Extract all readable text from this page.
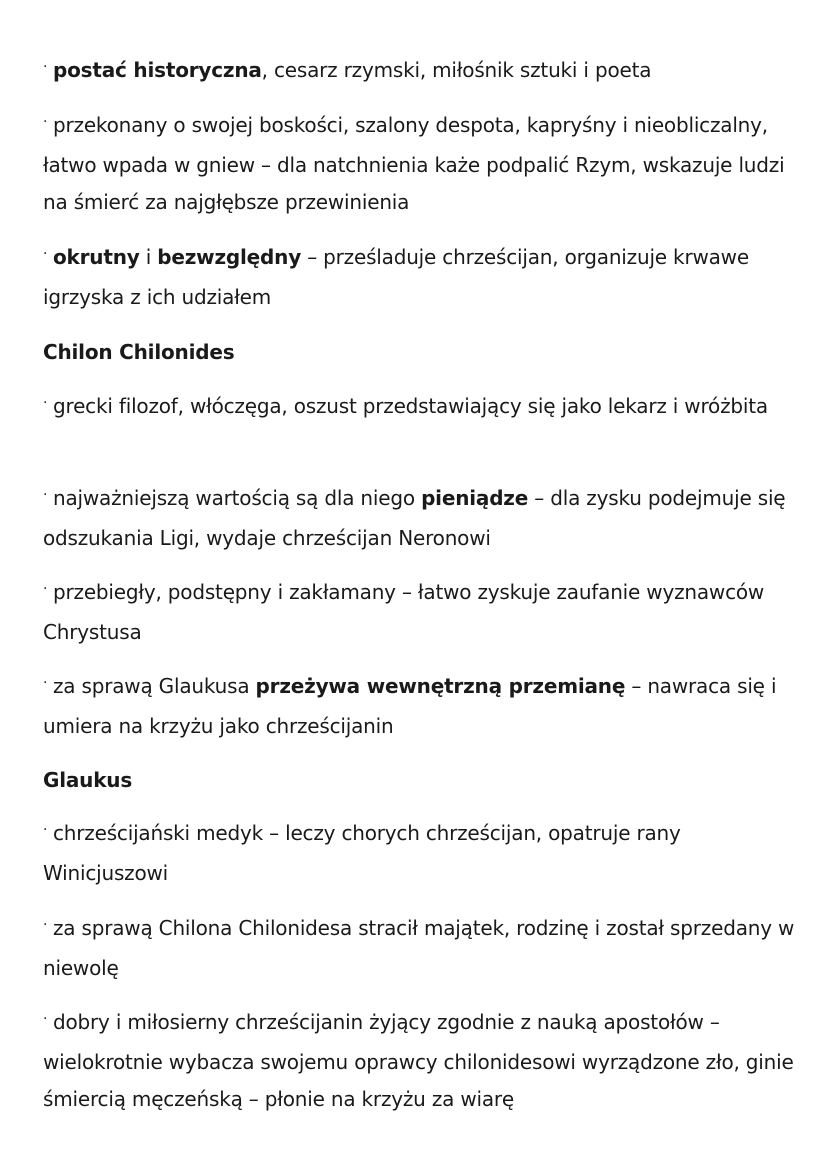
· postać historyczna, cesarz rzymski, miłośnik sztuki i poeta

· przekonany o swojej boskości, szalony despota, kapryśny i nieobliczalny, łatwo wpada w gniew – dla natchnienia każe podpalić Rzym, wskazuje ludzi na śmierć za najgłębsze przewinienia

· okrutny i bezwzględny – prześladuje chrześcijan, organizuje krwawe igrzyska z ich udziałem

Chilon Chilonides

· grecki filozof, włóczęga, oszust przedstawiający się jako lekarz i wróżbita

· najważniejszą wartością są dla niego pieniądze – dla zysku podejmuje się odszukania Ligi, wydaje chrześcijan Neronowi

· przebiegły, podstępny i zakłamany – łatwo zyskuje zaufanie wyznawców Chrystusa

· za sprawą Glaukusa przeżywa wewnętrzną przemianę – nawraca się i umiera na krzyżu jako chrześcijanin

Glaukus

· chrześcijański medyk – leczy chorych chrześcijan, opatruje rany Winicjuszowi

· za sprawą Chilona Chilonidesa stracił majątek, rodzinę i został sprzedany w niewolę

· dobry i miłosierny chrześcijanin żyjący zgodnie z nauką apostołów – wielokrotnie wybacza swojemu oprawcy chilonidesowi wyrządzone zło, ginie śmiercią męczeńską – płonie na krzyżu za wiarę
